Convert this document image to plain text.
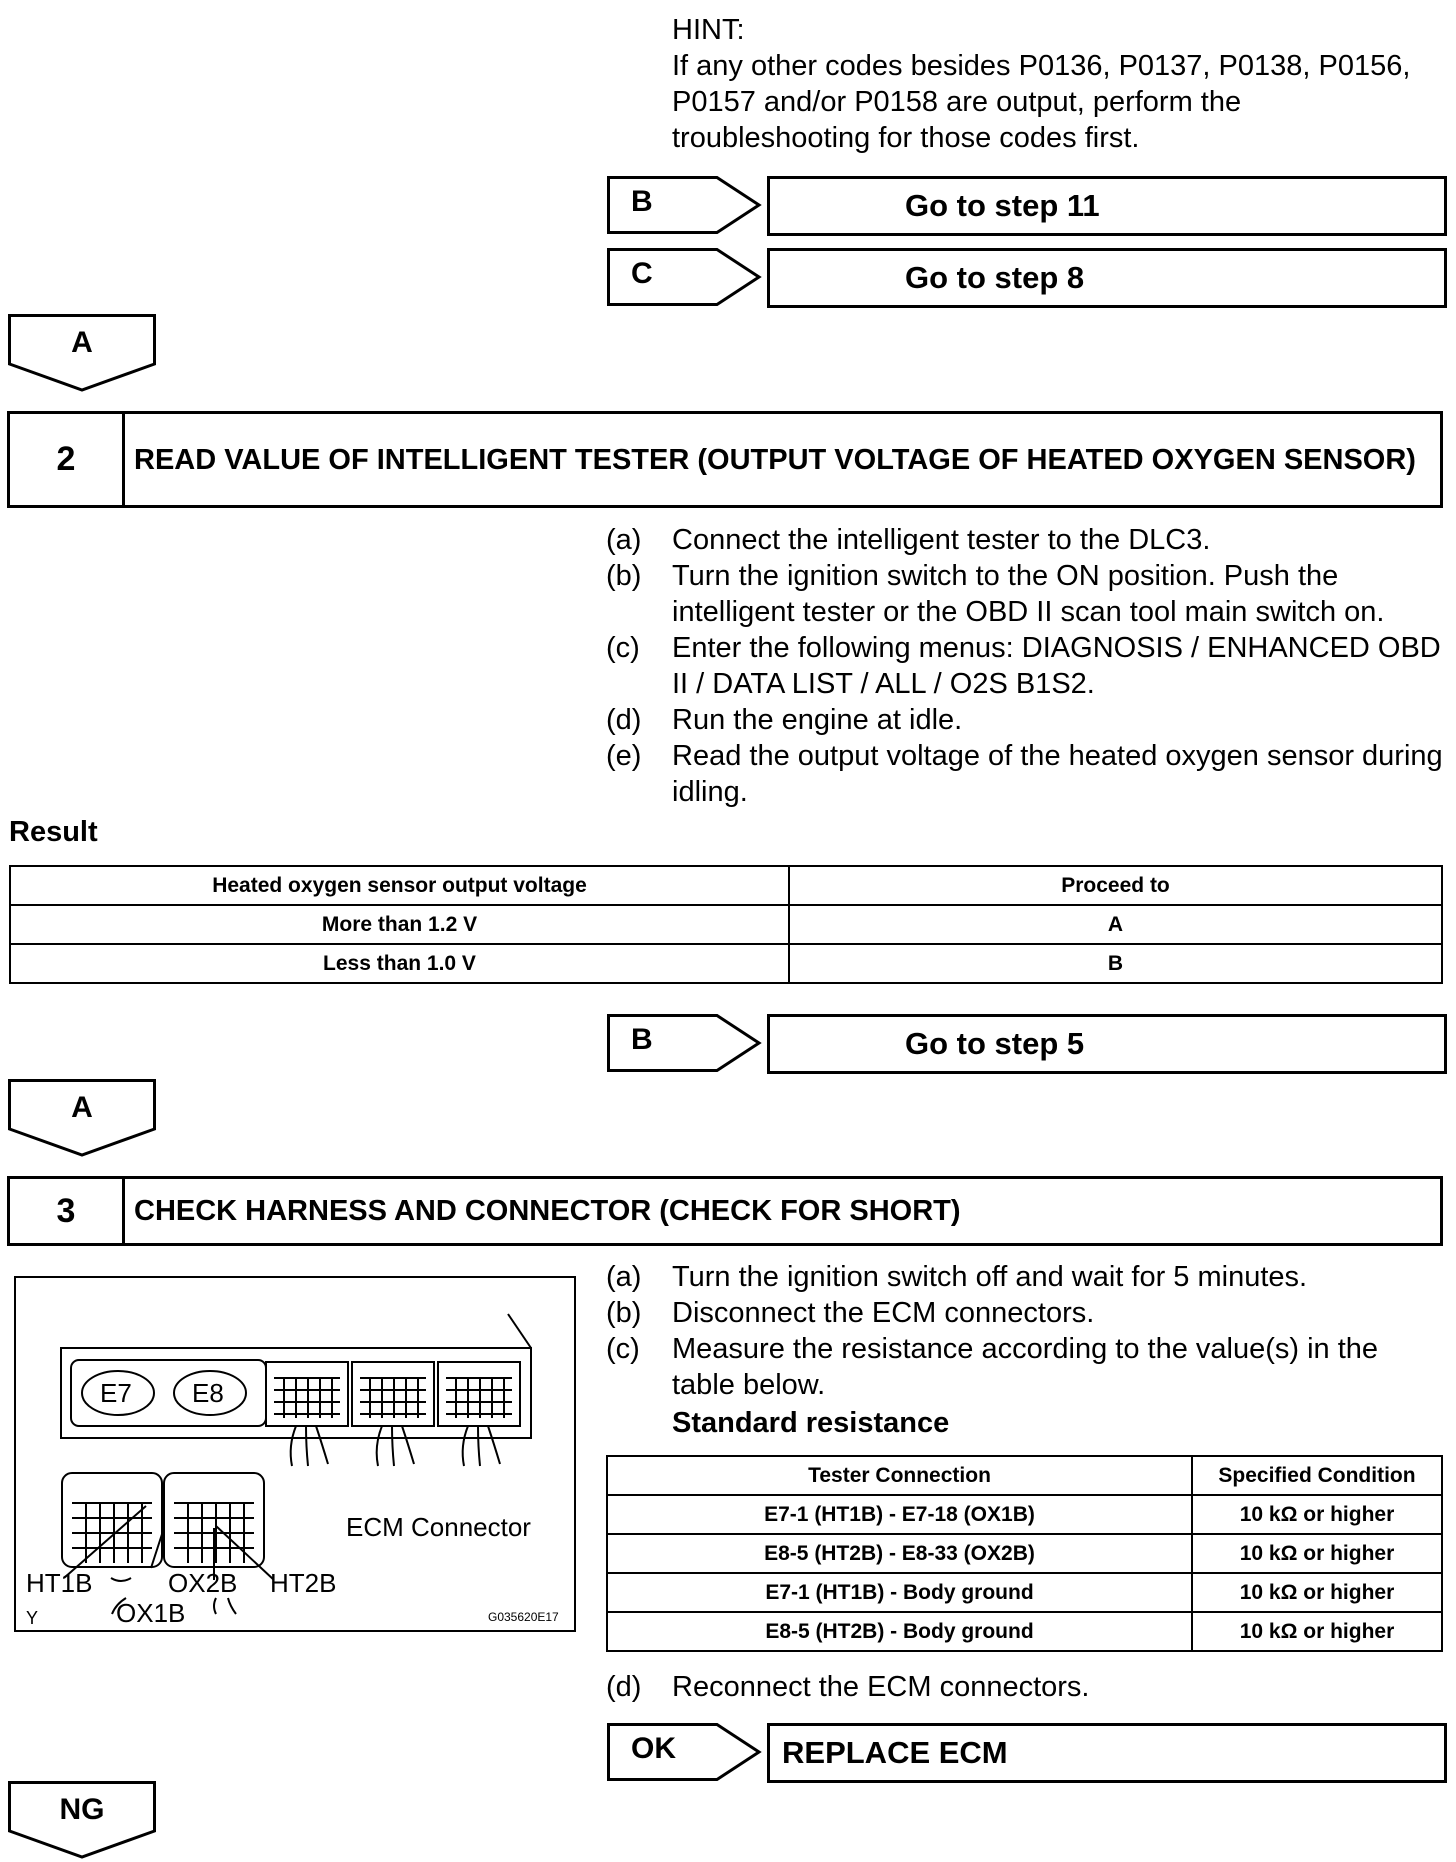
HINT:

If any other codes besides P0136, P0137, P0138, P0156, P0157 and/or P0158 are output, perform the troubleshooting for those codes first.

B	Go to step 11
C	Go to step 8
A
2	READ VALUE OF INTELLIGENT TESTER (OUTPUT VOLTAGE OF HEATED OXYGEN SENSOR)
(a) Connect the intelligent tester to the DLC3.
(b) Turn the ignition switch to the ON position. Push the intelligent tester or the OBD II scan tool main switch on.
(c) Enter the following menus: DIAGNOSIS / ENHANCED OBD II / DATA LIST / ALL / O2S B1S2.
(d) Run the engine at idle.
(e) Read the output voltage of the heated oxygen sensor during idling.
Result
Heated oxygen sensor output voltage	Proceed to
More than 1.2 V	A
Less than 1.0 V	B
B	Go to step 5
A
3	CHECK HARNESS AND CONNECTOR (CHECK FOR SHORT)
E7 E8
ECM Connector
HT1B	OX2B HT2B
OX1B
Y	G035620E17
(a) Turn the ignition switch off and wait for 5 minutes.
(b) Disconnect the ECM connectors.
(c) Measure the resistance according to the value(s) in the table below.
Standard resistance
Tester Connection	Specified Condition
E7-1 (HT1B) - E7-18 (OX1B)	10 kΩ or higher
E8-5 (HT2B) - E8-33 (OX2B)	10 kΩ or higher
E7-1 (HT1B) - Body ground	10 kΩ or higher
E8-5 (HT2B) - Body ground	10 kΩ or higher
(d) Reconnect the ECM connectors.
OK	REPLACE ECM
NG
